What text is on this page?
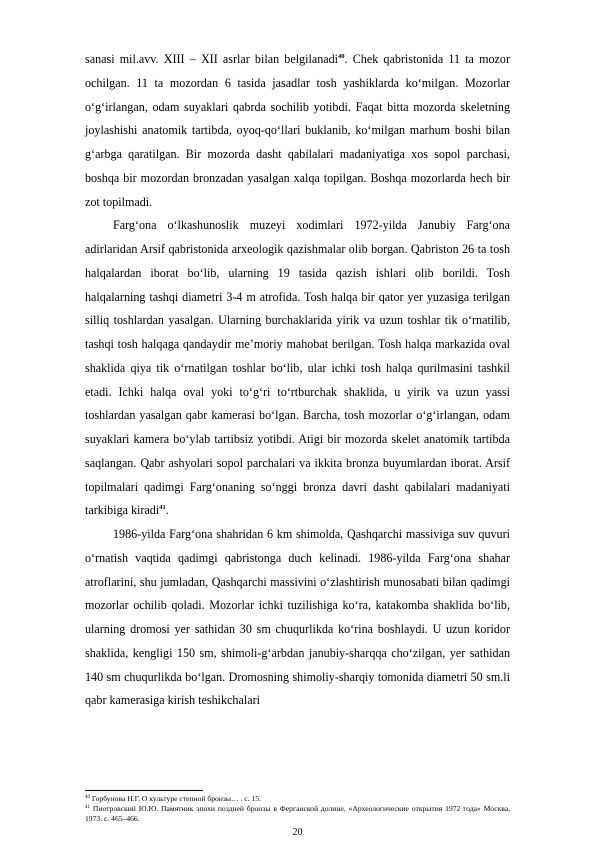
sanasi mil.avv. XIII – XII asrlar bilan belgilanadi$^{40}$. Chek qabristonida 11 ta mozor ochilgan. 11 ta mozordan 6 tasida jasadlar tosh yashiklarda ko‘milgan. Mozorlar o‘g‘irlangan, odam suyaklari qabrda sochilib yotibdi. Faqat bitta mozorda skeletning joylashishi anatomik tartibda, oyoq-qo‘llari buklanib, ko‘milgan marhum boshi bilan g‘arbga qaratilgan. Bir mozorda dasht qabilalari madaniyatiga xos sopol parchasi, boshqa bir mozordan bronzadan yasalgan xalqa topilgan. Boshqa mozorlarda hech bir zot topilmadi.

Farg‘ona o‘lkashunoslik muzeyi xodimlari 1972-yilda Janubiy Farg‘ona adirlaridan Arsif qabristonida arxeologik qazishmalar olib borgan. Qabriston 26 ta tosh halqalardan iborat bo‘lib, ularning 19 tasida qazish ishlari olib borildi. Tosh halqalarning tashqi diametri 3-4 m atrofida. Tosh halqa bir qator yer yuzasiga terilgan silliq toshlardan yasalgan. Ularning burchaklarida yirik va uzun toshlar tik o‘rnatilib, tashqi tosh halqaga qandaydir me’moriy mahobat berilgan. Tosh halqa markazida oval shaklida qiya tik o‘rnatilgan toshlar bo‘lib, ular ichki tosh halqa qurilmasini tashkil etadi. Ichki halqa oval yoki to‘g‘ri to‘rtburchak shaklida, u yirik va uzun yassi toshlardan yasalgan qabr kamerasi bo‘lgan. Barcha, tosh mozorlar o‘g‘irlangan, odam suyaklari kamera bo‘ylab tartibsiz yotibdi. Atigi bir mozorda skelet anatomik tartibda saqlangan. Qabr ashyolari sopol parchalari va ikkita bronza buyumlardan iborat. Arsif topilmalari qadimgi Farg‘onaning so‘nggi bronza davri dasht qabilalari madaniyati tarkibiga kiradi$^{41}$.

1986-yilda Farg‘ona shahridan 6 km shimolda, Qashqarchi massiviga suv quvuri o‘rnatish vaqtida qadimgi qabristonga duch kelinadi. 1986-yilda Farg‘ona shahar atroflarini, shu jumladan, Qashqarchi massivini o‘zlashtirish munosabati bilan qadimgi mozorlar ochilib qoladi. Mozorlar ichki tuzilishiga ko‘ra, katakomba shaklida bo‘lib, ularning dromosi yer sathidan 30 sm chuqurlikda ko‘rina boshlaydi. U uzun koridor shaklida, kengligi 150 sm, shimoli-g‘arbdan janubiy-sharqqa cho‘zilgan, yer sathidan 140 sm chuqurlikda bo‘lgan. Dromosning shimoliy-sharqiy tomonida diametri 50 sm.li qabr kamerasiga kirish teshikchalari

$^{40}$ Горбунова Н.Г. О культуре степной бронзы… . с. 15.

$^{41}$ Пиотровский Ю.Ю. Памятник эпохи поздней бронзы в Ферганской долине. «Археологические открытия 1972 года» Москва, 1973. с. 465–466.

20
